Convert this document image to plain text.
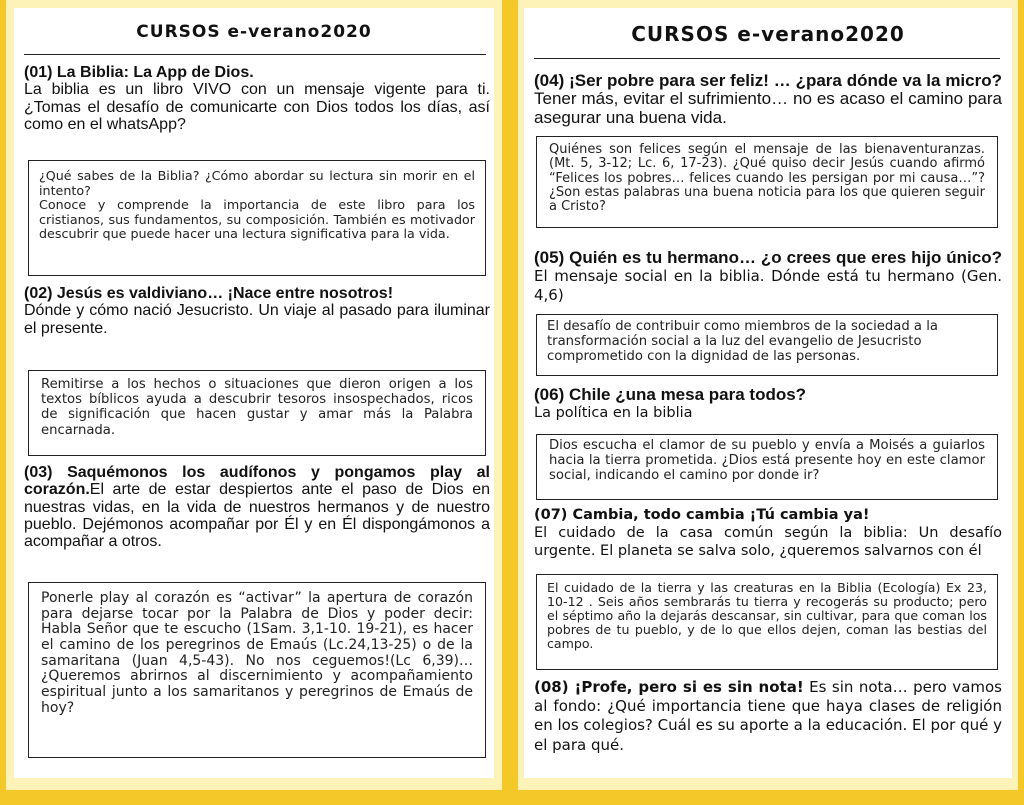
CURSOS e-verano2020
(01) La Biblia: La App de Dios.
La biblia es un libro VIVO con un mensaje vigente para ti. ¿Tomas el desafío de comunicarte con Dios todos los días, así como en el whatsApp?
¿Qué sabes de la Biblia? ¿Cómo abordar su lectura sin morir en el intento?
Conoce y comprende la importancia de este libro para los cristianos, sus fundamentos, su composición. También es motivador descubrir que puede hacer una lectura significativa para la vida.
(02) Jesús es valdiviano… ¡Nace entre nosotros!
Dónde y cómo nació Jesucristo. Un viaje al pasado para iluminar el presente.
Remitirse a los hechos o situaciones que dieron origen a los textos bíblicos ayuda a descubrir tesoros insospechados, ricos de significación que hacen gustar y amar más la Palabra encarnada.
(03) Saquémonos los audífonos y pongamos play al corazón.El arte de estar despiertos ante el paso de Dios en nuestras vidas, en la vida de nuestros hermanos y de nuestro pueblo. Dejémonos acompañar por Él y en Él dispongámonos a acompañar a otros.
Ponerle play al corazón es “activar” la apertura de corazón para dejarse tocar por la Palabra de Dios y poder decir: Habla Señor que te escucho (1Sam. 3,1-10. 19-21), es hacer el camino de los peregrinos de Emaús (Lc.24,13-25) o de la samaritana (Juan 4,5-43). No nos ceguemos!(Lc 6,39)… ¿Queremos abrirnos al discernimiento y acompañamiento espiritual junto a los samaritanos y peregrinos de Emaús de hoy?
CURSOS e-verano2020
(04) ¡Ser pobre para ser feliz! … ¿para dónde va la micro? Tener más, evitar el sufrimiento… no es acaso el camino para asegurar una buena vida.
Quiénes son felices según el mensaje de las bienaventuranzas. (Mt. 5, 3-12; Lc. 6, 17-23). ¿Qué quiso decir Jesús cuando afirmó “Felices los pobres… felices cuando les persigan por mi causa…”? ¿Son estas palabras una buena noticia para los que quieren seguir a Cristo?
(05) Quién es tu hermano… ¿o crees que eres hijo único? El mensaje social en la biblia. Dónde está tu hermano (Gen. 4,6)
El desafío de contribuir como miembros de la sociedad a la transformación social a la luz del evangelio de Jesucristo comprometido con la dignidad de las personas.
(06) Chile ¿una mesa para todos?
La política en la biblia
Dios escucha el clamor de su pueblo y envía a Moisés a guiarlos hacia la tierra prometida. ¿Dios está presente hoy en este clamor social, indicando el camino por donde ir?
(07) Cambia, todo cambia ¡Tú cambia ya!
El cuidado de la casa común según la biblia: Un desafío urgente. El planeta se salva solo, ¿queremos salvarnos con él
El cuidado de la tierra y las creaturas en la Biblia (Ecología) Ex 23, 10-12 . Seis años sembrarás tu tierra y recogerás su producto; pero el séptimo año la dejarás descansar, sin cultivar, para que coman los pobres de tu pueblo, y de lo que ellos dejen, coman las bestias del campo.
(08) ¡Profe, pero si es sin nota! Es sin nota… pero vamos al fondo: ¿Qué importancia tiene que haya clases de religión en los colegios? Cuál es su aporte a la educación. El por qué y el para qué.
